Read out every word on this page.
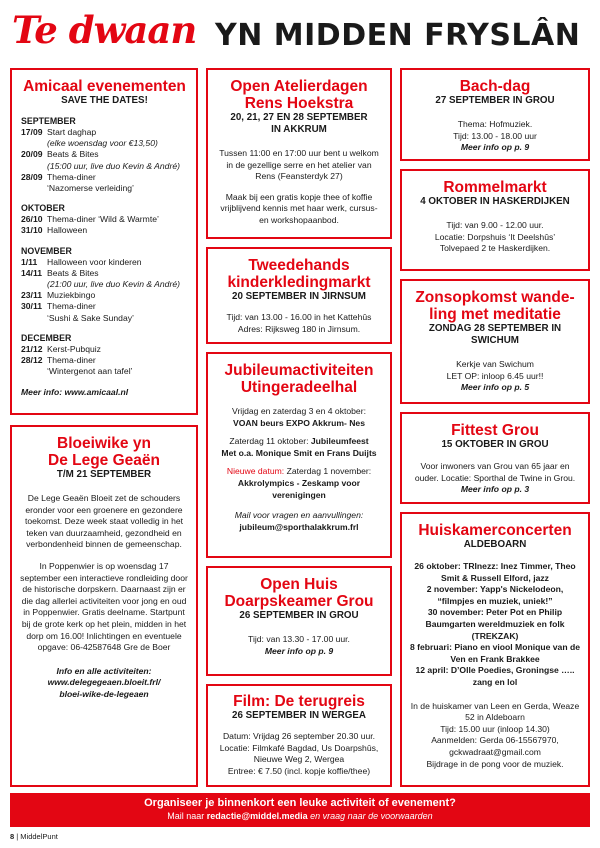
Te dwaan YN MIDDEN FRYSLÂN
Amicaal evenementen
SAVE THE DATES!
SEPTEMBER
17/09 Start daghap
(elke woensdag voor €13,50)
20/09 Beats & Bites
(15:00 uur, live duo Kevin & André)
28/09 Thema-diner
‘Nazomerse verleiding’
OKTOBER
26/10 Thema-diner ‘Wild & Warmte’
31/10 Halloween
NOVEMBER
1/11	Halloween voor kinderen
14/11 Beats & Bites
(21:00 uur, live duo Kevin & André)
23/11 Muziekbingo
30/11 Thema-diner
‘Sushi & Sake Sunday’
DECEMBER
21/12 Kerst-Pubquiz
28/12 Thema-diner
‘Wintergenot aan tafel’
Meer info: www.amicaal.nl
Bloeiwike yn
De Lege Geaën
T/M 21 SEPTEMBER
De Lege Geaën Bloeit zet de schouders eronder voor een groenere en gezondere toekomst. Deze week staat volledig in het teken van duurzaamheid, gezondheid en verbondenheid binnen de gemeenschap.
In Poppenwier is op woensdag 17 september een interactieve rondleiding door de historische dorpskern. Daarnaast zijn er die dag allerlei activiteiten voor jong en oud in Poppenwier. Gratis deelname. Startpunt bij de grote kerk op het plein, midden in het dorp om 16.00! Inlichtingen en eventuele opgave: 06-42587648 Gre de Boer
Info en alle activiteiten:
www.delegegeaen.bloeit.frl/
bloei-wike-de-legeaen
Open Atelierdagen
Rens Hoekstra
20, 21, 27 EN 28 SEPTEMBER
IN AKKRUM
Tussen 11:00 en 17:00 uur bent u welkom in de gezellige serre en het atelier van Rens (Feansterdyk 27)
Maak bij een gratis kopje thee of koffie vrijblijvend kennis met haar werk, cursus- en workshopaanbod.
Tweedehands
kinderkledingmarkt
20 SEPTEMBER IN JIRNSUM
Tijd: van 13.00 - 16.00 in het Kattehûs
Adres: Rijksweg 180 in Jirnsum.
Jubileumactiviteiten
Utingeradeelhal
Vrijdag en zaterdag 3 en 4 oktober:
VOAN beurs EXPO Akkrum- Nes
Zaterdag 11 oktober: Jubileumfeest
Met o.a. Monique Smit en Frans Duijts
Nieuwe datum: Zaterdag 1 november:
Akkrolympics - Zeskamp voor verenigingen
Mail voor vragen en aanvullingen:
jubileum@sporthalakkrum.frl
Open Huis
Doarpskeamer Grou
26 SEPTEMBER IN GROU
Tijd: van 13.30 - 17.00 uur.
Meer info op p. 9
Film: De terugreis
26 SEPTEMBER IN WERGEA
Datum: Vrijdag 26 september 20.30 uur.
Locatie: Filmkafé Bagdad, Us Doarpshûs,
Nieuwe Weg 2, Wergea
Entree: € 7.50 (incl. kopje koffie/thee)
Bach-dag
27 SEPTEMBER IN GROU
Thema: Hofmuziek.
Tijd: 13.00 - 18.00 uur
Meer info op p. 9
Rommelmarkt
4 OKTOBER IN HASKERDIJKEN
Tijd: van 9.00 - 12.00 uur.
Locatie: Dorpshuis ‘It Deelshûs’
Tolvepaed 2 te Haskerdijken.
Zonsopkomst wande-
ling met meditatie
ZONDAG 28 SEPTEMBER IN
SWICHUM
Kerkje van Swichum
LET OP: inloop 6.45 uur!!
Meer info op p. 5
Fittest Grou
15 OKTOBER IN GROU
Voor inwoners van Grou van 65 jaar en ouder. Locatie: Sporthal de Twine in Grou.
Meer info op p. 3
Huiskamerconcerten
ALDEBOARN
26 oktober: TRInezz: Inez Timmer, Theo Smit & Russell Elford, jazz
2 november: Yapp's Nickelodeon, “filmpjes en muziek, uniek!”
30 november: Peter Pot en Philip Baumgarten wereldmuziek en folk (TREKZAK)
8 februari: Piano en viool Monique van de Ven en Frank Brakkee
12 april: D’Olle Poedies, Groningse ….. zang en lol
In de huiskamer van Leen en Gerda, Weaze 52 in Aldeboarn
Tijd: 15.00 uur (inloop 14.30)
Aanmelden: Gerda 06-15567970,
gckwadraat@gmail.com
Bijdrage in de pong voor de muziek.
Organiseer je binnenkort een leuke activiteit of evenement?
Mail naar redactie@middel.media en vraag naar de voorwaarden
8 | MiddelPunt
